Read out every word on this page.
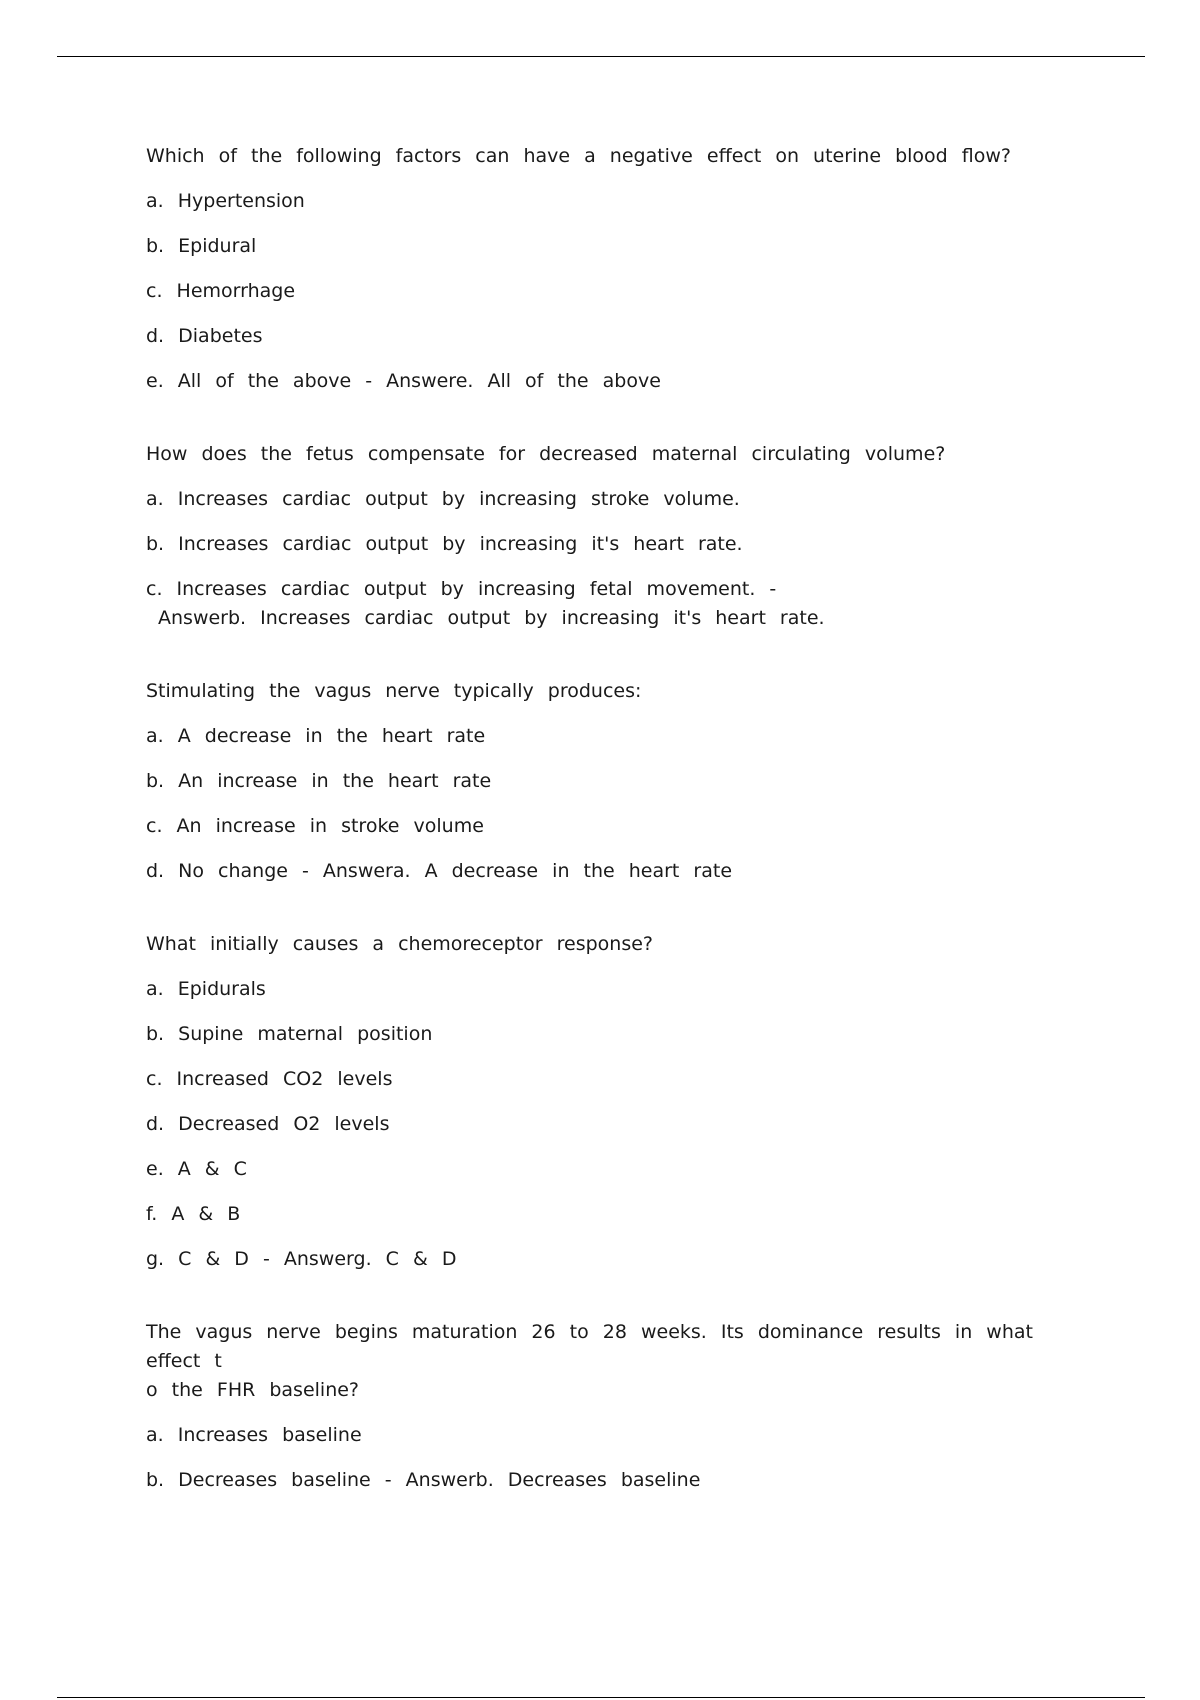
Which of the following factors can have a negative effect on uterine blood flow?
a. Hypertension
b. Epidural
c. Hemorrhage
d. Diabetes
e. All of the above - Answere. All of the above
How does the fetus compensate for decreased maternal circulating volume?
a. Increases cardiac output by increasing stroke volume.
b. Increases cardiac output by increasing it's heart rate.
c. Increases cardiac output by increasing fetal movement. -
Answerb. Increases cardiac output by increasing it's heart rate.
Stimulating the vagus nerve typically produces:
a. A decrease in the heart rate
b. An increase in the heart rate
c. An increase in stroke volume
d. No change - Answera. A decrease in the heart rate
What initially causes a chemoreceptor response?
a. Epidurals
b. Supine maternal position
c. Increased CO2 levels
d. Decreased O2 levels
e. A & C
f. A & B
g. C & D - Answerg. C & D
The vagus nerve begins maturation 26 to 28 weeks. Its dominance results in what effect t
o the FHR baseline?
a. Increases baseline
b. Decreases baseline - Answerb. Decreases baseline
